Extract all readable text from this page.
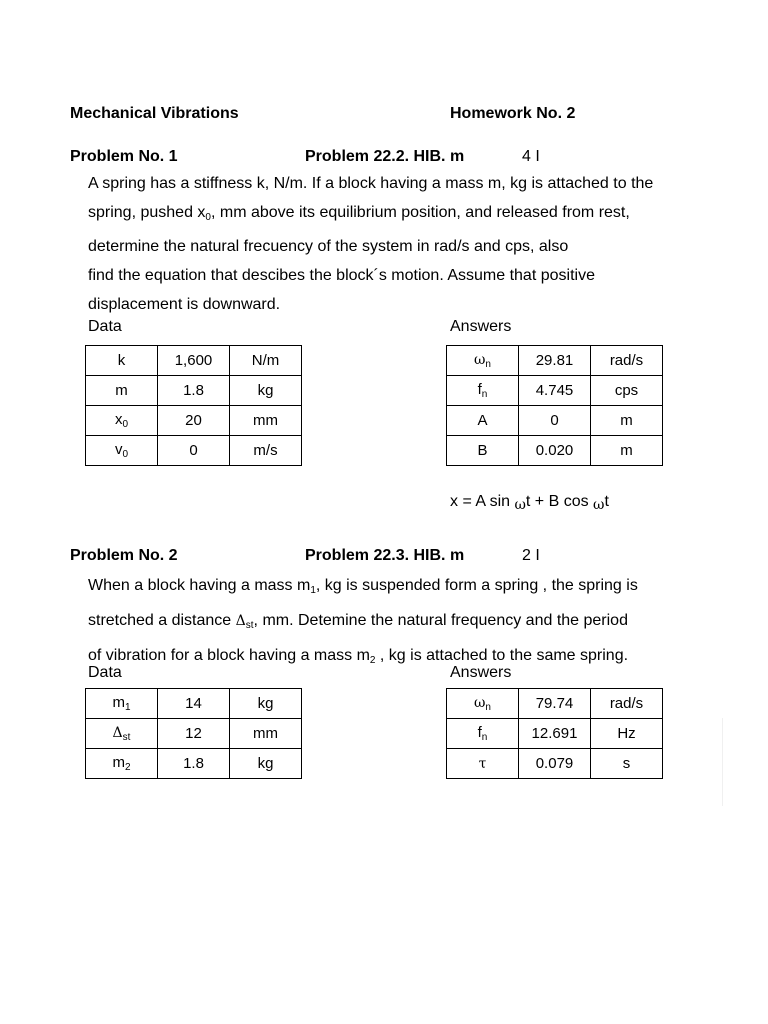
Mechanical Vibrations	Homework No. 2
Problem No. 1	Problem 22.2. HIB. m	4 I
A spring has a stiffness k, N/m. If a block having a mass m, kg is attached to the
spring, pushed $x_0$, mm above its equilibrium position, and released from rest,
determine the natural frecuency of the system in rad/s and cps, also
find the equation that descibes the block´s motion. Assume that positive
displacement is downward.
Data	Answers
k	1,600	N/m
m	1.8	kg
$x_0$	20	mm
$v_0$	0	m/s
$\omega_n$	29.81	rad/s
$f_n$	4.745	cps
A	0	m
B	0.020	m
x = A sin ωt + B cos ωt
Problem No. 2	Problem 22.3. HIB. m	2 I
When a block having a mass $m_1$, kg is suspended form a spring , the spring is
stretched a distance $\Delta_{st}$, mm. Detemine the natural frequency and the period
of vibration for a block having a mass $m_2$ , kg is attached to the same spring.
Data	Answers
$m_1$	14	kg
$\Delta_{st}$	12	mm
$m_2$	1.8	kg
$\omega_n$	79.74	rad/s
$f_n$	12.691	Hz
τ	0.079	s
